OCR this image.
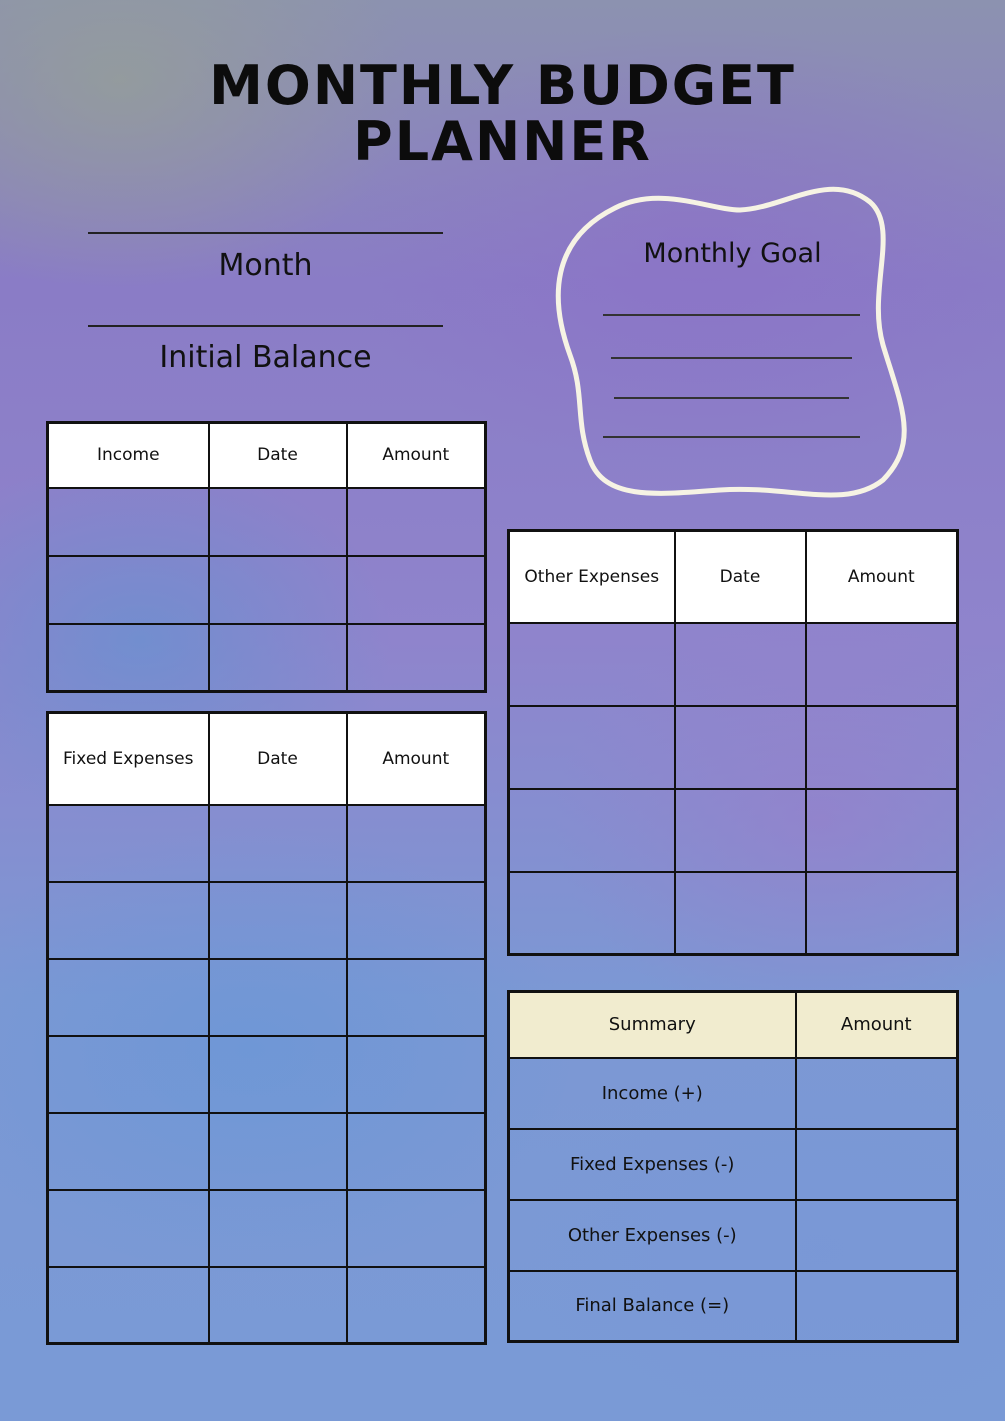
MONTHLY BUDGET
PLANNER
Month
Initial Balance
Monthly Goal
Income	Date	Amount

Fixed Expenses	Date	Amount

Other Expenses	Date	Amount

Summary	Amount
Income (+)	
Fixed Expenses (-)	
Other Expenses (-)	
Final Balance (=)	
